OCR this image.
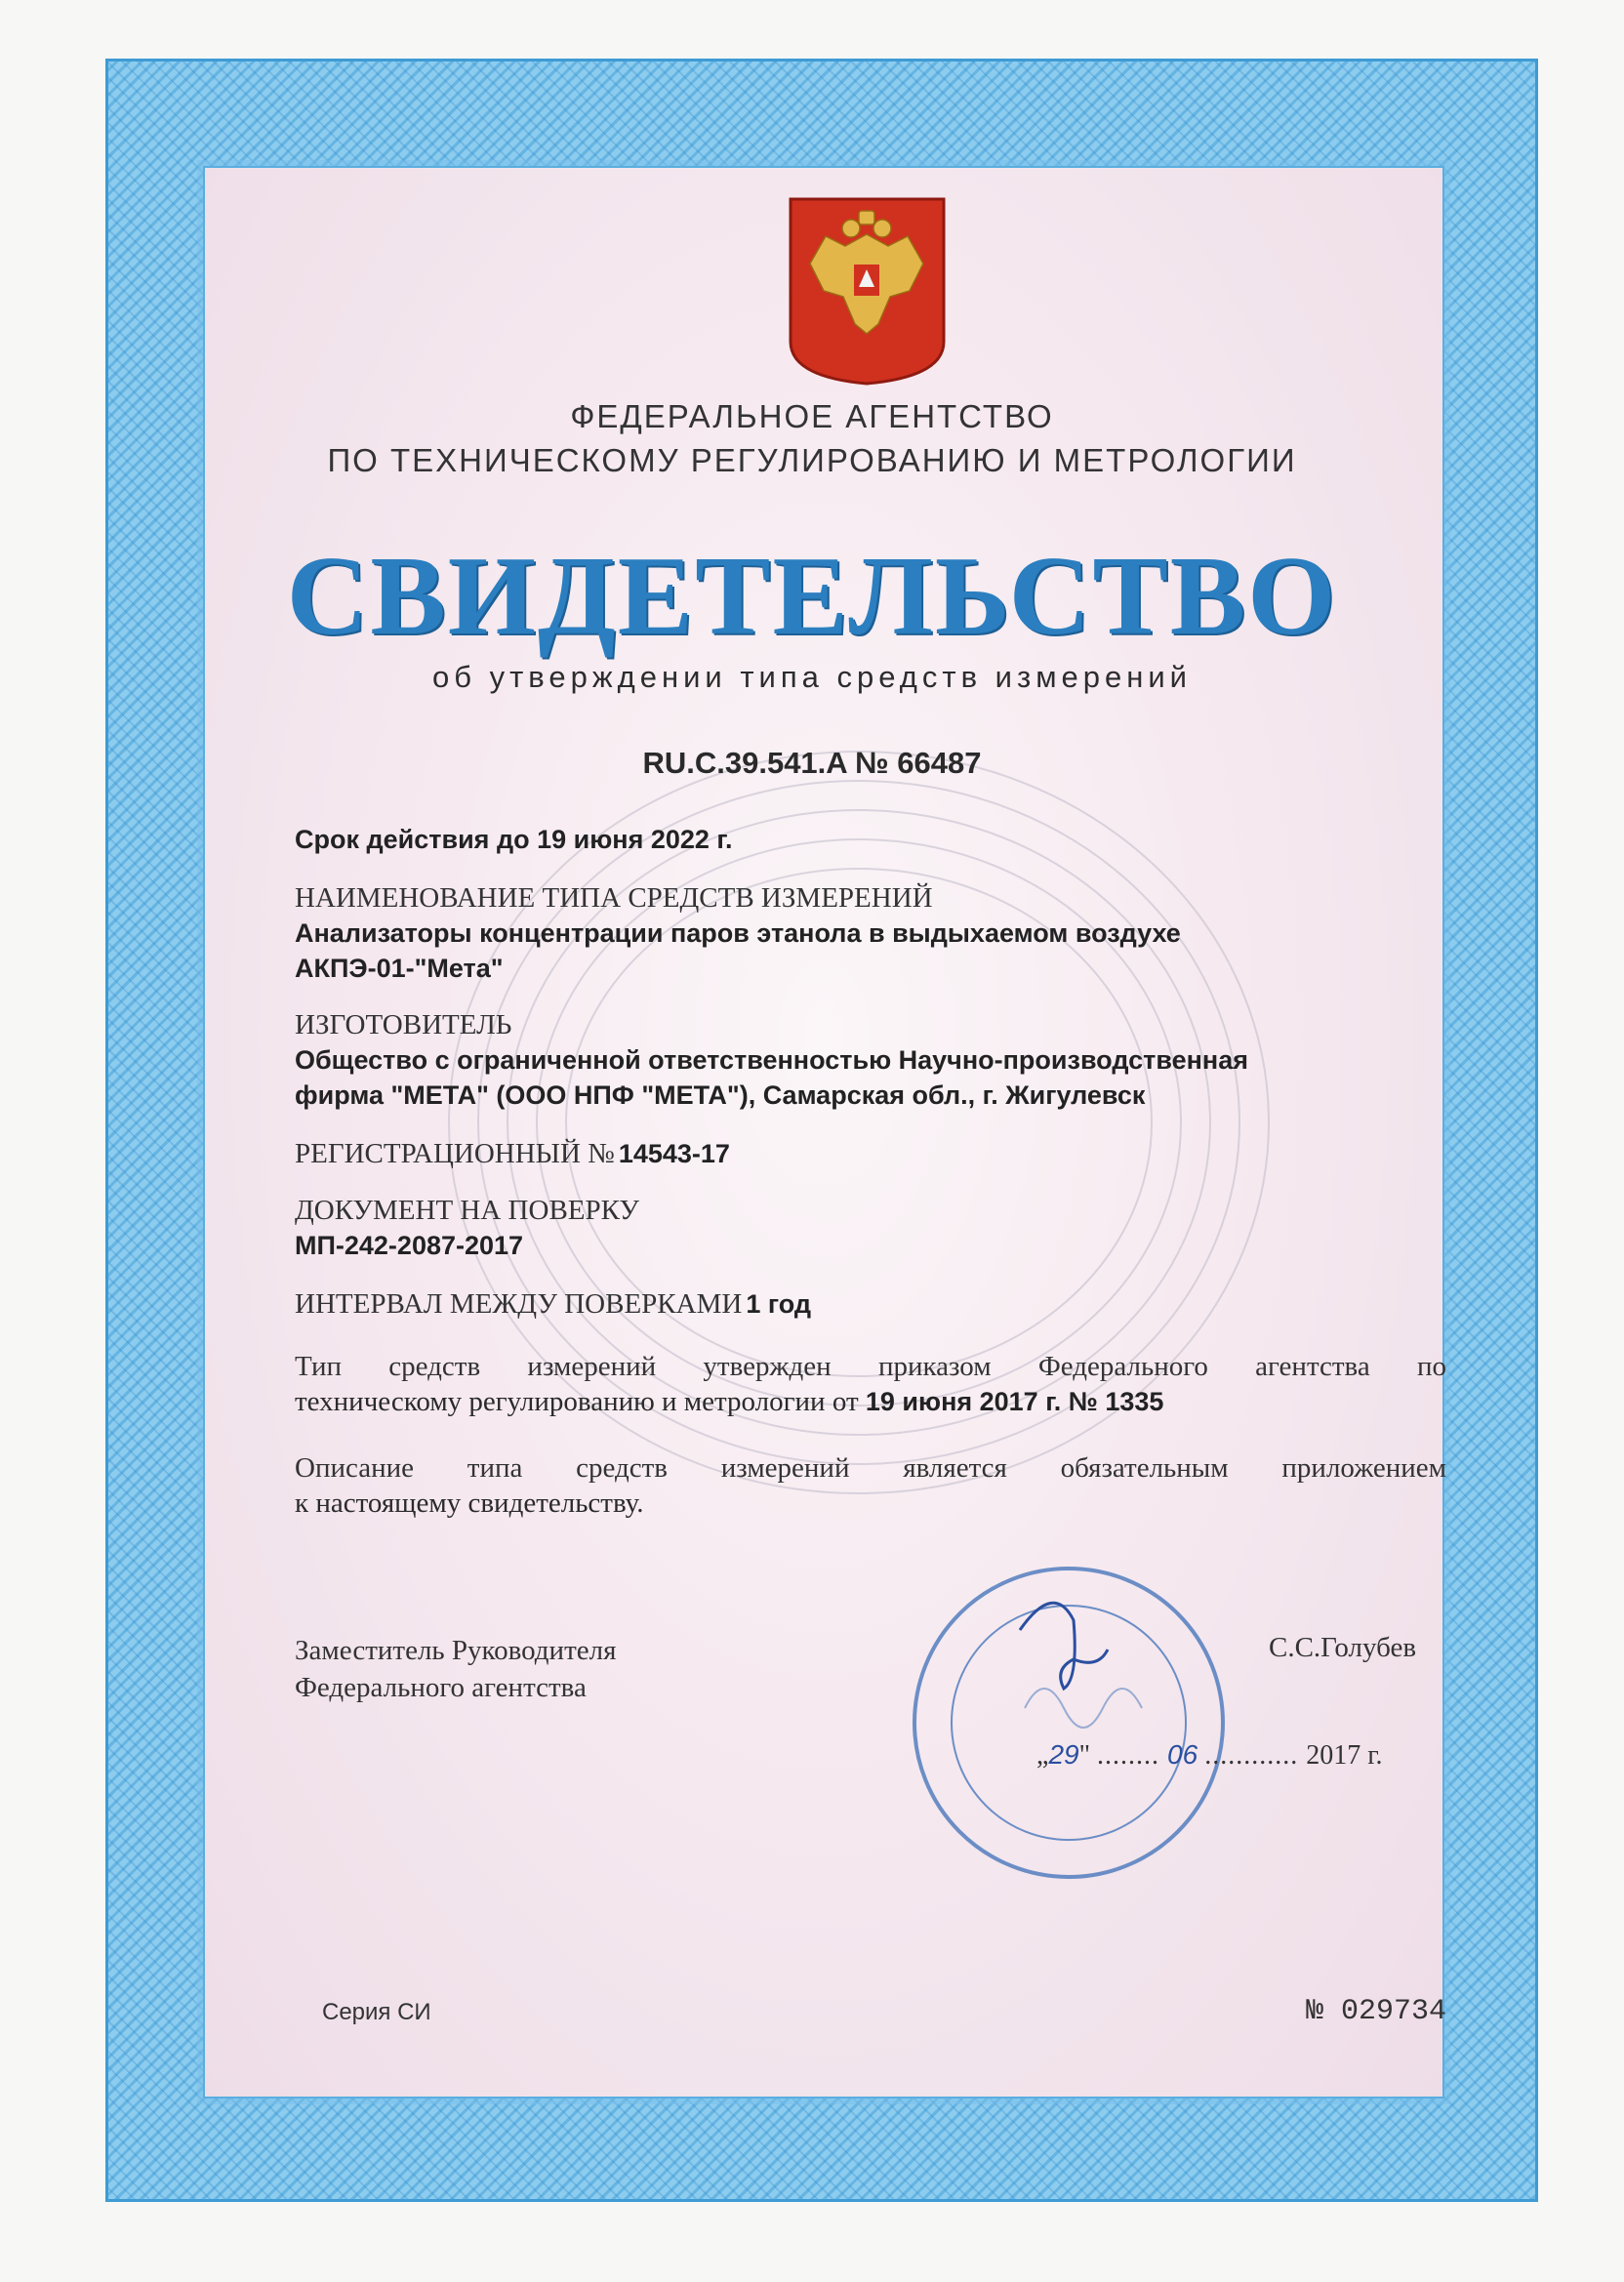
ФЕДЕРАЛЬНОЕ АГЕНТСТВО
ПО ТЕХНИЧЕСКОМУ РЕГУЛИРОВАНИЮ И МЕТРОЛОГИИ
СВИДЕТЕЛЬСТВО
об утверждении типа средств измерений
RU.C.39.541.A № 66487
Срок действия до 19 июня 2022 г.
НАИМЕНОВАНИЕ ТИПА СРЕДСТВ ИЗМЕРЕНИЙ
Анализаторы концентрации паров этанола в выдыхаемом воздухе
АКПЭ-01-"Мета"
ИЗГОТОВИТЕЛЬ
Общество с ограниченной ответственностью Научно-производственная
фирма "МЕТА" (ООО НПФ "МЕТА"), Самарская обл., г. Жигулевск
РЕГИСТРАЦИОННЫЙ № 14543-17
ДОКУМЕНТ НА ПОВЕРКУ
МП-242-2087-2017
ИНТЕРВАЛ МЕЖДУ ПОВЕРКАМИ 1 год
Тип средств измерений утвержден приказом Федерального агентства по
техническому регулированию и метрологии от 19 июня 2017 г. № 1335
Описание типа средств измерений является обязательным приложением
к настоящему свидетельству.
Заместитель Руководителя
Федерального агентства
С.С.Голубев
„29" ........ 06 ............ 2017 г.
Серия СИ	№ 029734
